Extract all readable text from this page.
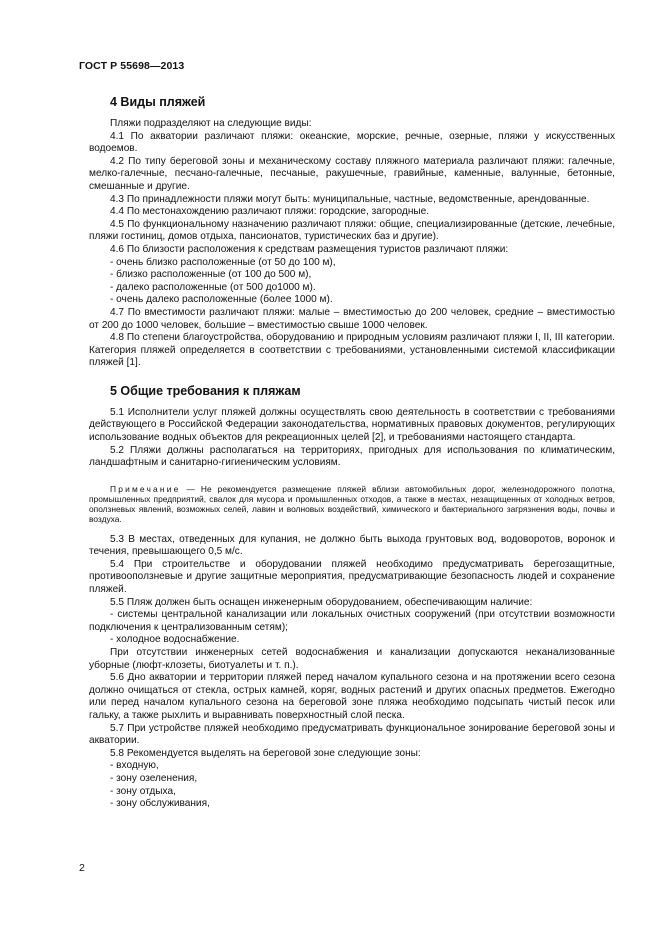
ГОСТ Р 55698—2013
4 Виды пляжей

Пляжи подразделяют на следующие виды:

4.1 По акватории различают пляжи: океанские, морские, речные, озерные, пляжи у искусственных водоемов.

4.2 По типу береговой зоны и механическому составу пляжного материала различают пляжи: галечные, мелко-галечные, песчано-галечные, песчаные, ракушечные, гравийные, каменные, валунные, бетонные, смешанные и другие.

4.3 По принадлежности пляжи могут быть: муниципальные, частные, ведомственные, арендованные.

4.4 По местонахождению различают пляжи: городские, загородные.

4.5 По функциональному назначению различают пляжи: общие, специализированные (детские, лечебные, пляжи гостиниц, домов отдыха, пансионатов, туристических баз и другие).

4.6 По близости расположения к средствам размещения туристов различают пляжи:

- очень близко расположенные (от 50 до 100 м),

- близко расположенные (от 100 до 500 м),

- далеко расположенные (от 500 до1000 м).

- очень далеко расположенные (более 1000 м).

4.7 По вместимости различают пляжи: малые – вместимостью до 200 человек, средние – вместимостью от 200 до 1000 человек, большие – вместимостью свыше 1000 человек.

4.8 По степени благоустройства, оборудованию и природным условиям различают пляжи I, II, III категории. Категория пляжей определяется в соответствии с требованиями, установленными системой классификации пляжей [1].

5 Общие требования к пляжам

5.1 Исполнители услуг пляжей должны осуществлять свою деятельность в соответствии с требованиями действующего в Российской Федерации законодательства, нормативных правовых документов, регулирующих использование водных объектов для рекреационных целей [2], и требованиями настоящего стандарта.

5.2 Пляжи должны располагаться на территориях, пригодных для использования по климатическим, ландшафтным и санитарно-гигиеническим условиям.

Примечание — Не рекомендуется размещение пляжей вблизи автомобильных дорог, железнодорожного полотна, промышленных предприятий, свалок для мусора и промышленных отходов, а также в местах, незащищенных от холодных ветров, оползневых явлений, возможных селей, лавин и волновых воздействий, химического и бактериального загрязнения воды, почвы и воздуха.

5.3 В местах, отведенных для купания, не должно быть выхода грунтовых вод, водоворотов, воронок и течения, превышающего 0,5 м/с.

5.4 При строительстве и оборудовании пляжей необходимо предусматривать берегозащитные, противооползневые и другие защитные мероприятия, предусматривающие безопасность людей и сохранение пляжей.

5.5 Пляж должен быть оснащен инженерным оборудованием, обеспечивающим наличие:

- системы центральной канализации или локальных очистных сооружений (при отсутствии возможности подключения к централизованным сетям);

- холодное водоснабжение.

При отсутствии инженерных сетей водоснабжения и канализации допускаются неканализованные уборные (люфт-клозеты, биотуалеты и т. п.).

5.6 Дно акватории и территории пляжей перед началом купального сезона и на протяжении всего сезона должно очищаться от стекла, острых камней, коряг, водных растений и других опасных предметов. Ежегодно или перед началом купального сезона на береговой зоне пляжа необходимо подсыпать чистый песок или гальку, а также рыхлить и выравнивать поверхностный слой песка.

5.7 При устройстве пляжей необходимо предусматривать функциональное зонирование береговой зоны и акватории.

5.8 Рекомендуется выделять на береговой зоне следующие зоны:

- входную,

- зону озеленения,

- зону отдыха,

- зону обслуживания,

2
